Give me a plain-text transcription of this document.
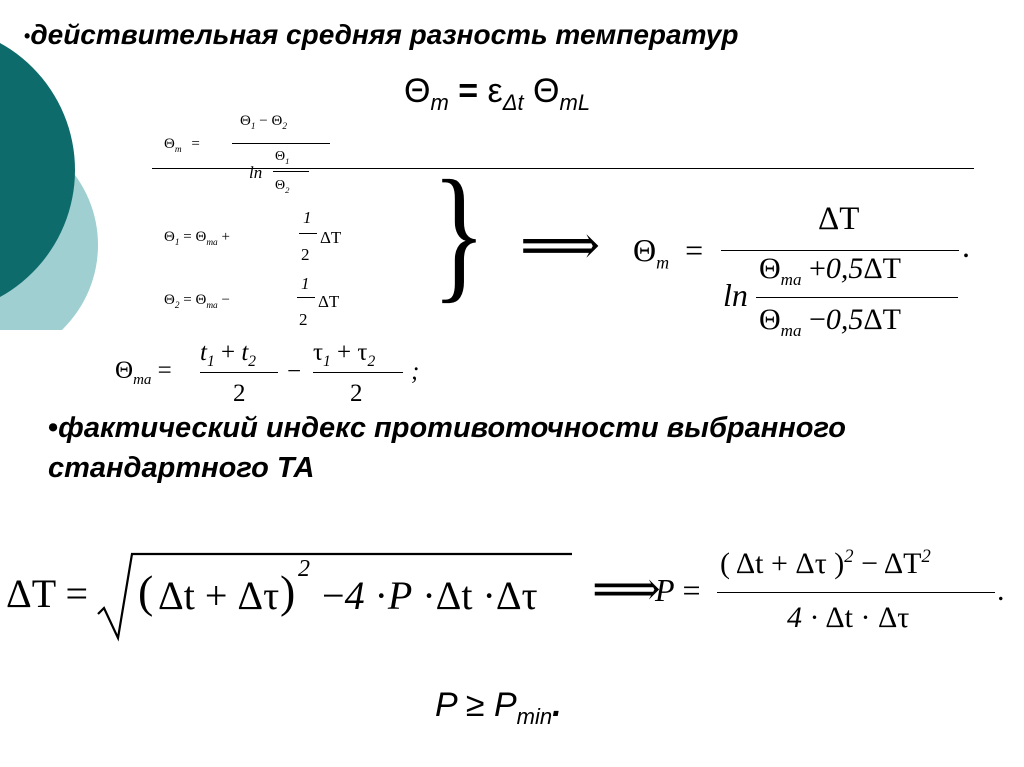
•действительная средняя разность температур
$\Theta_m = \varepsilon_{\Delta t}$ $\Theta_{mL}$
$\Theta_m$ =
$\Theta_1 - \Theta_2$
ln
$\Theta_1$
$\Theta_2$
$\Theta_1 = \Theta_{ma}$ +
1
2
ΔT
$\Theta_2 = \Theta_{ma}$ −
1
2
ΔT } ⟹ $\Theta_m$ =
ΔT
.
ln
$\Theta_{ma} +0,5\Delta T$
$\Theta_{ma} -0,5\Delta T$
$\Theta_{ma}$ =
$t_1 + t_2$
2
−
$\tau_1 + \tau_2$
2
;
•фактический индекс противоточности выбранного
стандартного ТА
ΔT = ( Δt + Δτ ) 2
−4 ·P ·Δt ·Δτ ⟹
P =
( Δt + Δτ )$^2 - \Delta T^2$
.
4 · Δt · Δτ
$P \ge P_{min}$.
